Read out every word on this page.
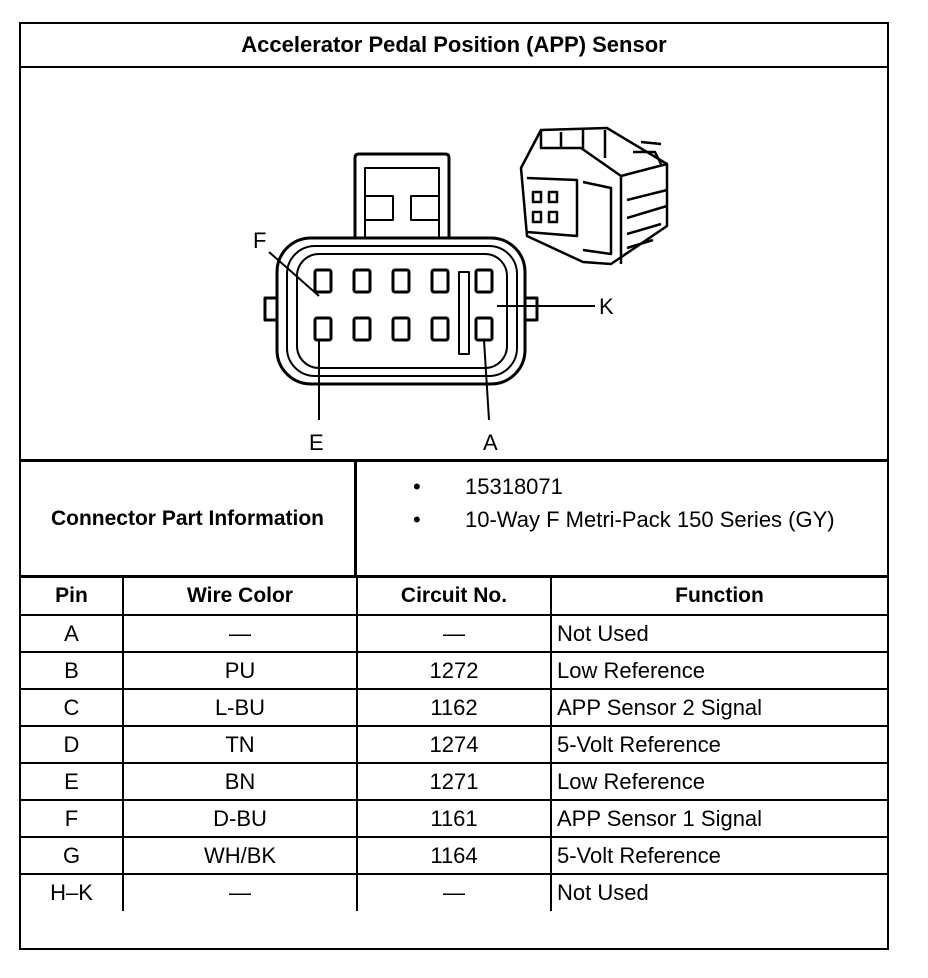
Accelerator Pedal Position (APP) Sensor
F
K
E	A
Connector Part Information
• 15318071
• 10-Way F Metri-Pack 150 Series (GY)
Pin	Wire Color	Circuit No.	Function
A	—	—	Not Used
B	PU	1272	Low Reference
C	L-BU	1162	APP Sensor 2 Signal
D	TN	1274	5-Volt Reference
E	BN	1271	Low Reference
F	D-BU	1161	APP Sensor 1 Signal
G	WH/BK	1164	5-Volt Reference
H–K	—	—	Not Used
